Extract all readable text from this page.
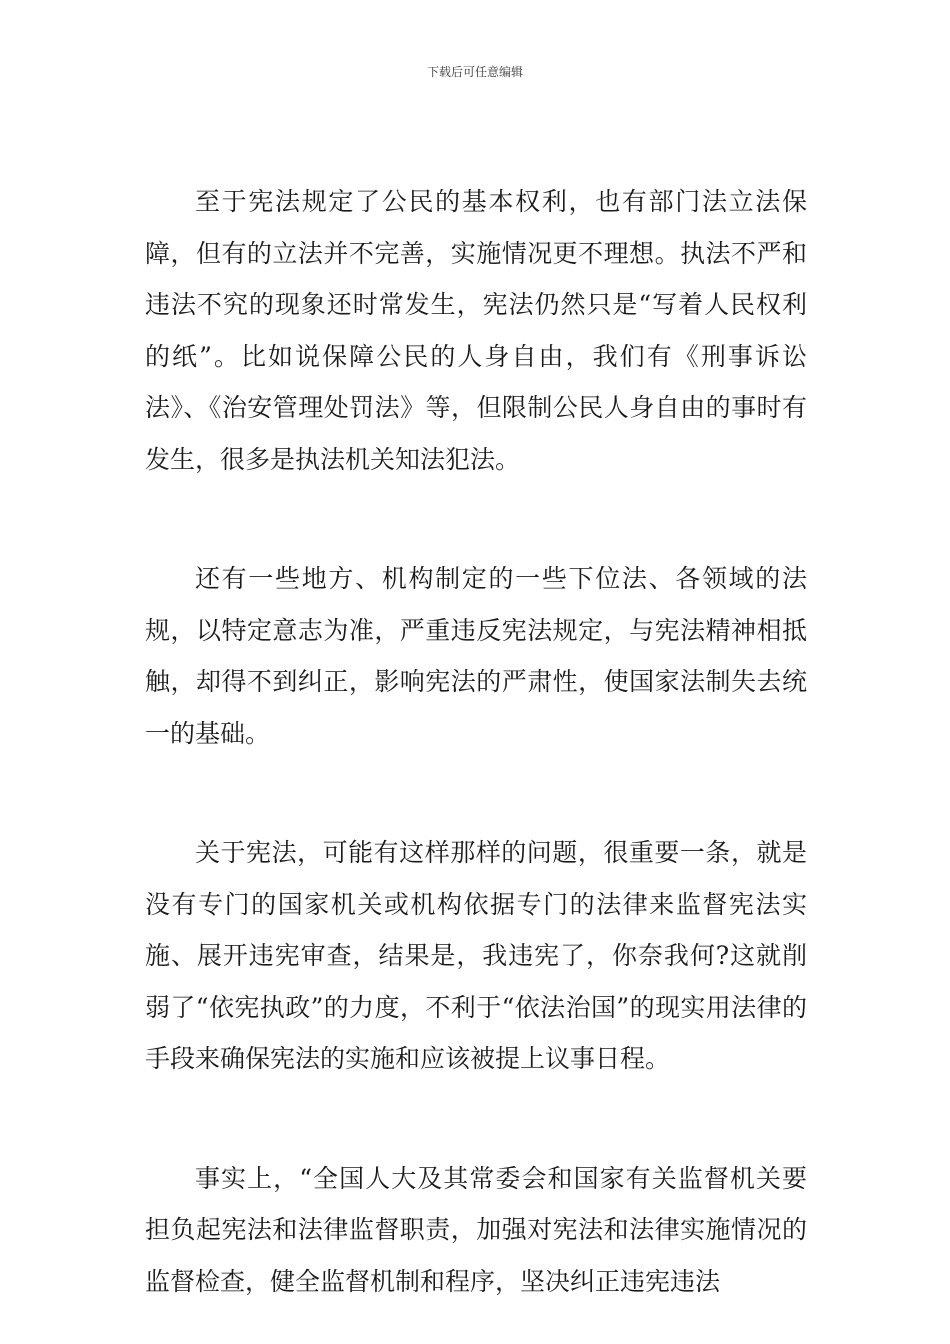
下载后可任意编辑

至于宪法规定了公民的基本权利，也有部门法立法保障，但有的立法并不完善，实施情况更不理想。执法不严和违法不究的现象还时常发生，宪法仍然只是“写着人民权利的纸”。比如说保障公民的人身自由，我们有《刑事诉讼法》、《治安管理处罚法》等，但限制公民人身自由的事时有发生，很多是执法机关知法犯法。

还有一些地方、机构制定的一些下位法、各领域的法规，以特定意志为准，严重违反宪法规定，与宪法精神相抵触，却得不到纠正，影响宪法的严肃性，使国家法制失去统一的基础。

关于宪法，可能有这样那样的问题，很重要一条，就是没有专门的国家机关或机构依据专门的法律来监督宪法实施、展开违宪审查，结果是，我违宪了，你奈我何?这就削弱了“依宪执政”的力度，不利于“依法治国”的现实用法律的手段来确保宪法的实施和应该被提上议事日程。

事实上，“全国人大及其常委会和国家有关监督机关要担负起宪法和法律监督职责，加强对宪法和法律实施情况的监督检查，健全监督机制和程序，坚决纠正违宪违法
